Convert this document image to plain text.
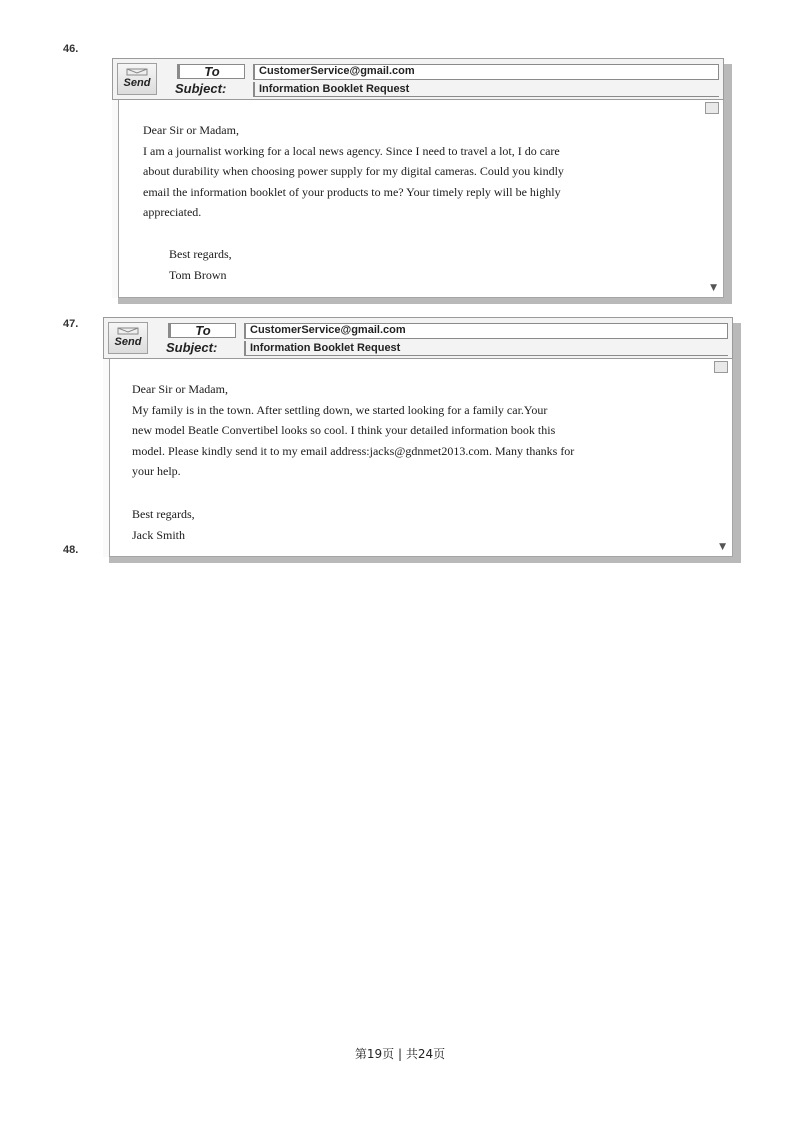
46.
47.
48.
Send
To	CustomerService@gmail.com
Subject:	Information Booklet Request

Dear Sir or Madam,

I am a journalist working for a local news agency. Since I need to travel a lot, I do care

about durability when choosing power supply for my digital cameras. Could you kindly

email the information booklet of your products to me? Your timely reply will be highly

appreciated.

Best regards,
Tom Brown
▼
Send
To	CustomerService@gmail.com
Subject:	Information Booklet Request

Dear Sir or Madam,

My family is in the town. After settling down, we started looking for a family car.Your

new model Beatle Convertibel looks so cool. I think your detailed information book this

model. Please kindly send it to my email address:jacks@gdnmet2013.com. Many thanks for

your help.

Best regards,
Jack Smith
▼
第19页 | 共24页
